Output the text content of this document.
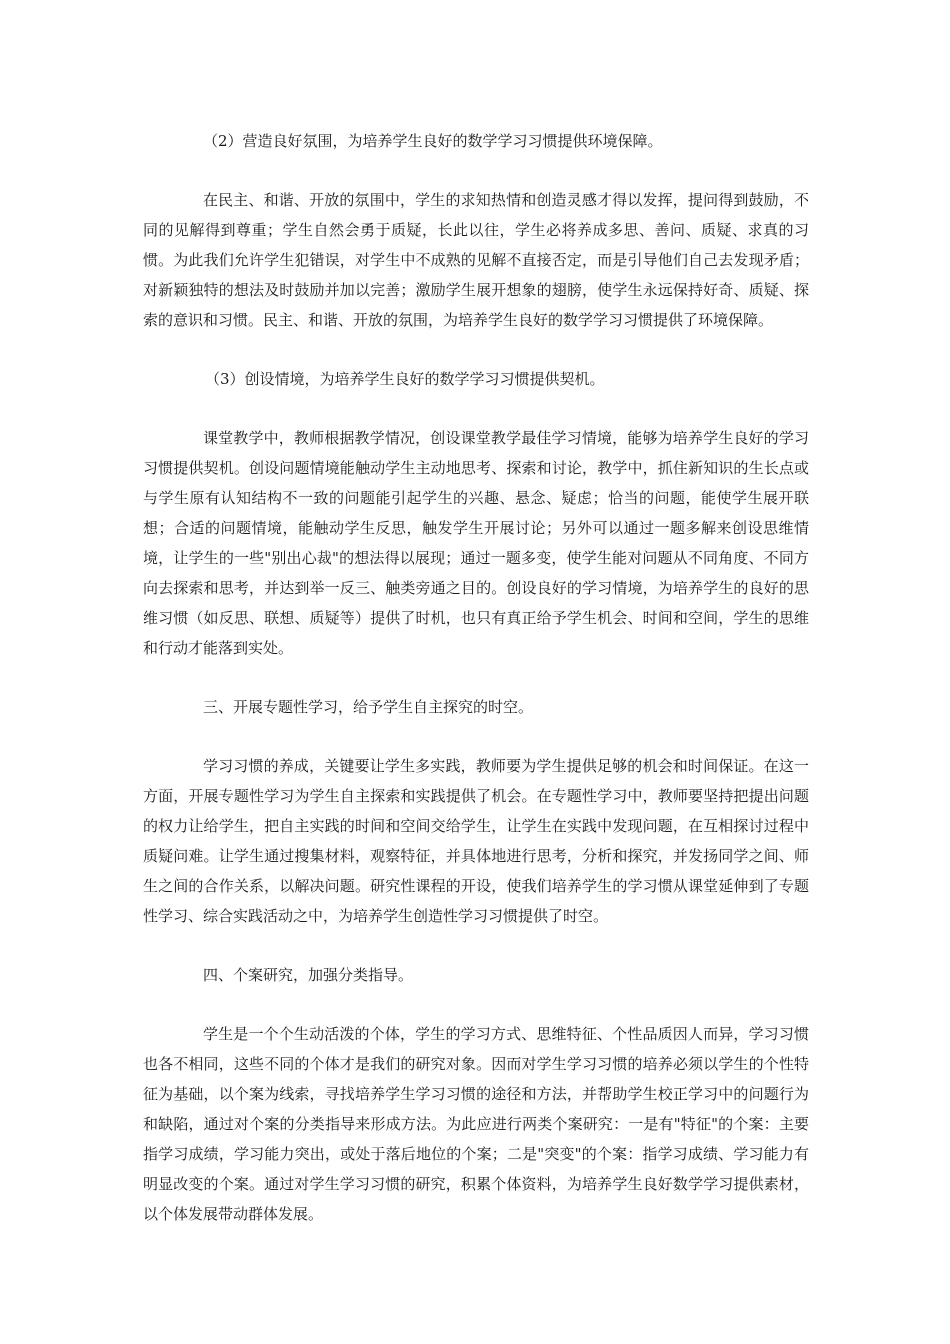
（2）营造良好氛围，为培养学生良好的数学学习习惯提供环境保障。

在民主、和谐、开放的氛围中，学生的求知热情和创造灵感才得以发挥，提问得到鼓励，不同的见解得到尊重；学生自然会勇于质疑，长此以往，学生必将养成多思、善问、质疑、求真的习惯。为此我们允许学生犯错误，对学生中不成熟的见解不直接否定，而是引导他们自己去发现矛盾；对新颖独特的想法及时鼓励并加以完善；激励学生展开想象的翅膀，使学生永远保持好奇、质疑、探索的意识和习惯。民主、和谐、开放的氛围，为培养学生良好的数学学习习惯提供了环境保障。

（3）创设情境，为培养学生良好的数学学习习惯提供契机。

课堂教学中，教师根据教学情况，创设课堂教学最佳学习情境，能够为培养学生良好的学习习惯提供契机。创设问题情境能触动学生主动地思考、探索和讨论，教学中，抓住新知识的生长点或与学生原有认知结构不一致的问题能引起学生的兴趣、悬念、疑虑；恰当的问题，能使学生展开联想；合适的问题情境，能触动学生反思，触发学生开展讨论；另外可以通过一题多解来创设思维情境，让学生的一些"别出心裁"的想法得以展现；通过一题多变，使学生能对问题从不同角度、不同方向去探索和思考，并达到举一反三、触类旁通之目的。创设良好的学习情境，为培养学生的良好的思维习惯（如反思、联想、质疑等）提供了时机，也只有真正给予学生机会、时间和空间，学生的思维和行动才能落到实处。

三、开展专题性学习，给予学生自主探究的时空。

学习习惯的养成，关键要让学生多实践，教师要为学生提供足够的机会和时间保证。在这一方面，开展专题性学习为学生自主探索和实践提供了机会。在专题性学习中，教师要坚持把提出问题的权力让给学生，把自主实践的时间和空间交给学生，让学生在实践中发现问题，在互相探讨过程中质疑问难。让学生通过搜集材料，观察特征，并具体地进行思考，分析和探究，并发扬同学之间、师生之间的合作关系，以解决问题。研究性课程的开设，使我们培养学生的学习惯从课堂延伸到了专题性学习、综合实践活动之中，为培养学生创造性学习习惯提供了时空。

四、个案研究，加强分类指导。

学生是一个个生动活泼的个体，学生的学习方式、思维特征、个性品质因人而异，学习习惯也各不相同，这些不同的个体才是我们的研究对象。因而对学生学习习惯的培养必须以学生的个性特征为基础，以个案为线索，寻找培养学生学习习惯的途径和方法，并帮助学生校正学习中的问题行为和缺陷，通过对个案的分类指导来形成方法。为此应进行两类个案研究：一是有"特征"的个案：主要指学习成绩，学习能力突出，或处于落后地位的个案；二是"突变"的个案：指学习成绩、学习能力有明显改变的个案。通过对学生学习习惯的研究，积累个体资料，为培养学生良好数学学习提供素材，以个体发展带动群体发展。
